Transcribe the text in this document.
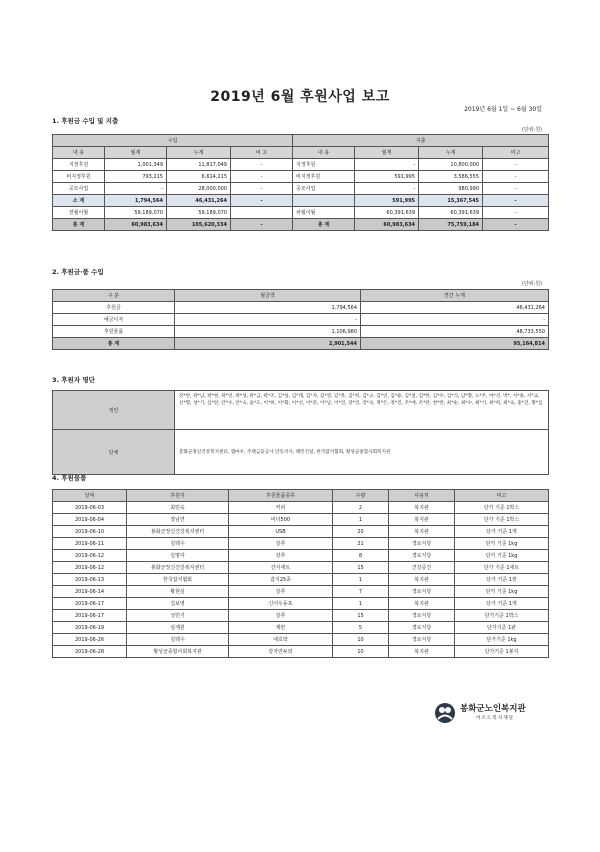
2019년 6월 후원사업 보고
2019년 6월 1일 ~ 6월 30일
1. 후원금 수입 및 지출
(단위:원)
수입				지출			
내 용	월계	누계	비 고	내 용	월계	누계	비고
지정후원	1,001,349	11,817,049	-	지정후원	-	10,800,000	-
비지정후원	793,215	6,614,215	-	비지정후원	591,995	3,586,555	-
공모사업	-	28,000,000	-	공모사업	-	980,990	-
소 계	1,794,564	46,431,264	-		591,995	15,367,545	-
전월이월	59,189,070	59,189,070		차월이월	60,391,639	60,391,639	-
총 계	60,983,634	105,620,334	-	총 계	60,983,634	75,759,184	-
2. 후원금·품 수입
(단위:원)
구 분	월금액	연간 누계
후원금	1,794,564	46,431,264
예금이자	-	-
후원물품	1,106,980	48,733,550
총 계	2,901,544	95,164,814
3. 후원자 명단
개인	강*란, 곽*남, 곽*현, 곽*연, 곽*성, 곽*금, 곽*조, 김*일, 김*래, 김*자, 김*영, 김*옥, 김*희, 김*규, 김*연, 김*용, 김*설, 김*한, 김*수, 김*식, 남*향, 노*주, 마*선, 박*, 서*용, 서*교, 신*향, 성*기, 심*란, 안*수, 안*숙, 윤*도, 이*희, 이*화, 이*선, 이*준, 이*남, 이*연, 장*연, 장*숙, 정*은, 정*진, 조*애, 조*란, 천*란, 최*순, 최*수, 최*식, 최*희, 최*숙, 홍*진, 황*심
단체	봉화군정신건강복지센터, 엠마우, 주택금융공사 안동지사, 태민건설, 한국잡지협회, 황성군종합사회복지관
4. 후원물품
날짜	후원자	후원물품종류	수량	사용처	비고
2019-06-03	최민숙	커피	2	복지관	단가 기준 1박스
2019-06-04	장남연	비타500	1	복지관	단가 기준 1박스
2019-06-10	봉화군정신건강복지센터	USB	20	복지관	단가 기준 1개
2019-06-11	김택수	상추	21	경로식당	단가 기준 1kg
2019-06-12	김명자	상추	8	경로식당	단가 기준 1kg
2019-06-12	봉화군정신건강복지센터	간식세트	15	건강증진	단가 기준 1세트
2019-06-13	한국잡지협회	잡지25종	1	복지관	단가 기준 1권
2019-06-14	황현심	상추	7	경로식당	단가 기준 1kg
2019-06-17	김보영	신어우동포	1	복지관	단가 기준 1개
2019-06-17	성민기	상추	15	경로식당	단가기준 1박스
2019-06-19	심재원	계란	5	경로식당	단가기준 1판
2019-06-26	김택수	애호박	10	경로식당	단가기준 1kg
2019-06-28	황성군종합사회복지관	감자만두외	10	복지관	단가기준 1봉지
봉화군노인복지관
어르드복지재단
